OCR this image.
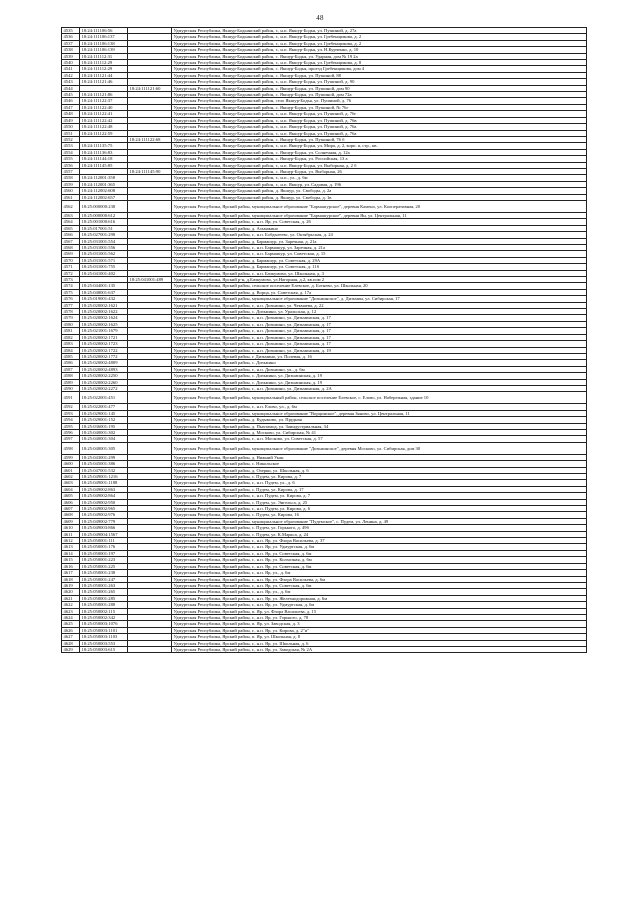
48
4535	18:24:111106:56		Удмуртская Республика, Якшур-Бодьинский район, г., н.п. Якшур-Бодья, ул. Пушиной, д. 27а
4536	18:24:111106:137		Удмуртская Республика, Якшур-Бодьинский район, г., н.п. Якшур-Бодья, ул. Гребенщикова, д. 2
4537	18:24:111106:138		Удмуртская Республика, Якшур-Бодьинский район, г., н.п. Якшур-Бодья, ул. Гребенщикова, д. 2
4538	18:24:111106:139		Удмуртская Республика, Якшур-Бодьинский район, г., н.п. Якшур-Бодья, ул. Н.Курченко, д. 10
4539	18:24:111112:31		Удмуртская Республика, Якшур-Бодьинский район, с. Якшур-Бодья, ул. Ударная, дом № 19 2а
4540	18:24:111112:29		Удмуртская Республика, Якшур-Бодьинский район, г., н.п. Якшур-Бодья, ул. Гребенщикова, д. 8
4541	18:24:111112:29		Удмуртская Республика, Якшур-Бодьинский район, с. Якшур-Бодья, проезд Гребенщикова, дом 4
4542	18:24:111121:44		Удмуртская Республика, Якшур-Бодьинский район, с. Якшур-Бодья, ул. Пушиной, 88
4543	18:24:111121:46		Удмуртская Республика, Якшур-Бодьинский район, г., н.п. Якшур-Бодья, ул. Пушиной, д. 90
4544		18:24:111121:60	Удмуртская Республика, Якшур-Бодьинский район, с. Якшур-Бодья, ул. Пушиной, дом 90
4545	18:24:111121:86		Удмуртская Республика, Якшур-Бодьинский район, с. Якшур-Бодья, ул. Пушиной, дом 72а
4546	18:24:111122:37		Удмуртская Республика, Якшур-Бодьинский район, село Якшур-Бодья, ул. Пушиной, д. 76
4547	18:24:111122:40		Удмуртская Республика, Якшур-Бодьинский район, с. Якшур-Бодья, ул. Пушиной, № 76г
4548	18:24:111122:41		Удмуртская Республика, Якшур-Бодьинский район, г., н.п. Якшур-Бодья, ул. Пушиной, д. 76г
4549	18:24:111122:42		Удмуртская Республика, Якшур-Бодьинский район, г., н.п. Якшур-Бодья, ул. Пушиной, д. 76в
4550	18:24:111122:48		Удмуртская Республика, Якшур-Бодьинский район, г., н.п. Якшур-Бодья, ул. Пушиной, д. 76а
4551	18:24:111122:59		Удмуртская Республика, Якшур-Бодьинский район, г., н.п. Якшур-Бодья, ул. Пушиной, д. 76а
4552		18:24:111122:68	Удмуртская Республика, Якшур-Бодьинский район, с. Якшур-Бодья, ул. Пушиной, 76 б
4553	18:24:111135:75		Удмуртская Республика, Якшур-Бодьинский район, г., н.п. Якшур-Бодья, ул. Мира, д. 2, корп. я, стр., кв.
4554	18:24:111136:83		Удмуртская Республика, Якшур-Бодьинский район, с. Якшур-Бодья, ул. Солнечная, д. 12а
4555	18:24:111144:18		Удмуртская Республика, Якшур-Бодьинский район, с. Якшур-Бодья, ул. Российская, 13 а
4556	18:24:111145:85		Удмуртская Республика, Якшур-Бодьинский район, г., н.п. Якшур-Бодья, ул. Выборная, д. 2 б
4557		18:24:111145:90	Удмуртская Республика, Якшур-Бодьинский район, с. Якшур-Бодья, ул. Выборная, 26
4558	18:24:112001:358		Удмуртская Республика, Якшур-Бодьинский район, г., н.п., ул., д. 6м
4559	18:24:112001:365		Удмуртская Республика, Якшур-Бодьинский район, г., н.п. Якшур, ул. Садовая, д. 196
4560	18:24:112002:608		Удмуртская Республика, Якшур-Бодьинский район, д. Якшур, ул. Свободы, д. 2а
4561	18:24:112002:657		Удмуртская Республика, Якшур-Бодьинский район, д. Якшур, ул. Свободы, д. 1в
4562	18:25:000000:238		Удмуртская Республика, Ярский район, муниципальное образование "Бармашурское", деревня Камено, ул. Кооперативная, 20
4563	18:25:000000:612		Удмуртская Республика, Ярский район, муниципальное образование "Бармашурское", деревня Ян, ул. Центральная, 11
4564	18:25:001000:616		Удмуртская Республика, Ярский район, г., н.п. Яр, ул. Советская, д. 26
4565	18:25:017001:51		Удмуртская Республика, Ярский район, д. Азьмакино
4566	18:25:027001:298		Удмуртская Республика, Ярский район, г., н.п. Бобдыгеевс, ул. Октябрьская, д. 24
4567	18:25:031001:554		Удмуртская Республика, Ярский район, д. Бармашур, ул. Заречная, д. 21а
4568	18:25:031001:556		Удмуртская Республика, Ярский район, г., н.п. Бармашур, ул. Заречная, д. 21а
4569	18:25:031001:562		Удмуртская Республика, Ярский район, г., н.п. Бармашур, ул. Советская, д. 15
4570	18:25:031001:571		Удмуртская Республика, Ярский район, д. Бармашур, ул. Советская, д. 29А
4571	18:25:031001:755		Удмуртская Республика, Ярский район, д. Бармашур, ул. Советская, д. 11б
4572	18:25:041001:402		Удмуртская Республика, Ярский район, г., н.п. Бачкумово, ул. Школьная, д. 3
4573		18:25:041001:489	Удмуртская Республика, Ярский р-н, д.Бачкумово, ул.Нагорная, д.2, кв.пом 2
4574	18:25:044001:135		Удмуртская Республика, Ярский район, сельское поселение Елевское, д. Ботнево, ул. Школьная, 20
4575	18:25:048001:637		Удмуртская Республика, Ярский район, д. Ворца, ул. Советская, д. 17а
4576	18:25:019001:432		Удмуртская Республика, Ярский район, муниципальное образование "Дизьминское", д. Дизьмин, ул. Сибирская, 17
4577	18:25:020002:1621		Удмуртская Республика, Ярский район, г., н.п. Дизьмино, ул. Чекмаева, д. 22
4578	18:25:020002:1622		Удмуртская Республика, Ярский район, с. Дизьмино, ул. Уральская, д. 12
4579	18:25:020002:1624		Удмуртская Республика, Ярский район, г., н.п. Дизьмино, ул. Дизьминская, д. 17
4580	18:25:020002:1625		Удмуртская Республика, Ярский район, г., н.п. Дизьмино, ул. Дизьминская, д. 17
4581	18:25:021001:1679		Удмуртская Республика, Ярский район, г., н.п. Дизьмино, ул. Дизьминская, д. 17
4582	18:25:020002:1721		Удмуртская Республика, Ярский район, г., н.п. Дизьмино, ул. Дизьминская, д. 17
4583	18:25:020002:1723		Удмуртская Республика, Ярский район, г., н.п. Дизьмино, ул. Дизьминская, д. 17
4584	18:25:020002:1722		Удмуртская Республика, Ярский район, г., н.п. Дизьмино, ул. Дизьминская, д. 19
4585	18:25:020002:1772		Удмуртская Республика, Ярский район, г. Дизьмино, ул. Полевая, д. 16
4586	18:25:020002:4809		Удмуртская Республика, Ярский район, с. Дизьмино
4587	18:25:020002:4893		Удмуртская Республика, Ярский район, г., н.п. Дизьмино, ул., д. 6м
4588	18:25:020002:2250		Удмуртская Республика, Ярский район, с. Дизьмино, ул. Дизьминская, д. 19
4589	18:25:020002:2260		Удмуртская Республика, Ярский район, с. Дизьмино, ул. Дизьминская, д. 19
4590	18:25:020002:2272		Удмуртская Республика, Ярский район, г., н.п. Дизьмино, ул. Дизьминская, д. 2А
4591	18:25:022001:451		Удмуртская Республика, Ярский район, муниципальный район, сельское поселение Елевское, с. Елово, ул. Набережная, здание 10
4592	18:25:022001:477		Удмуртская Республика, Ярский район, г., н.п. Елово, ул., д. 6м
4593	18:25:029001:145		Удмуртская Республика, Ярский район, муниципальное образование "Ворцинское", деревня Зяново, ул. Центральная, 11
4594	18:25:029001:152		Удмуртская Республика, Ярский район, д. Кудымово, ул. Прудная
4595	18:25:036001:195		Удмуртская Республика, Ярский район, д. Пыхтамод, ул. Заиндустриальная, 34
4596	18:25:040001:302		Удмуртская Республика, Ярский район, д. Москово, ул. Сибирская, № 41
4597	18:25:040001:304		Удмуртская Республика, Ярский район, г., н.п. Москово, ул. Советская, д. 57
4598	18:25:040001:305		Удмуртская Республика, Ярский район, муниципальное образование "Дизьминское", деревня Москово, ул. Сибирская, дом 30
4599	18:25:043001:299		Удмуртская Республика, Ярский район, д. Нижний Укан
4600	18:25:045001:386		Удмуртская Республика, Ярский район, с. Никольское
4601	18:25:047001:532		Удмуртская Республика, Ярский район, д. Озерки, ул. Школьная, д. 6
4602	18:25:049001:1216		Удмуртская Республика, Ярский район, с. Пудем, ул. Кирова, д. 7
4603	18:25:049001:1188		Удмуртская Республика, Ярский район, г., н.п. Пудем, ул., д. 6
4604	18:25:049002:863		Удмуртская Республика, Ярский район, с. Пудем, ул. Кирова, д. 17
4605	18:25:049002:864		Удмуртская Республика, Ярский район, г., н.п. Пудем, ул. Кирова, д. 7
4606	18:25:049002:950		Удмуртская Республика, Ярский район, с. Пудем, ул. Энгельса, д. 25
4607	18:25:049002:965		Удмуртская Республика, Ярский район, г., н.п. Пудем, ул. Кирова, д. 6
4608	18:25:049002:976		Удмуртская Республика, Ярский район, с. Пудем, ул. Кирова, 16
4609	18:25:049002:779		Удмуртская Республика, Ярский район, муниципальное образование "Пудемское", с. Пудем, ул. Ленина, д. 49
4610	18:25:049003:866		Удмуртская Республика, Ярский район, с. Пудем, ул. Горького, д. 49б
4611	18:25:049004:1567		Удмуртская Республика, Ярский район, с. Пудем, ул. К.Маркса, д. 24
4612	18:25:050001:111		Удмуртская Республика, Ярский район, г., н.п. Яр, ул. Флора Васильева, д. 37
4613	18:25:050001:176		Удмуртская Республика, Ярский район, г., н.п. Яр, ул. Удмуртская, д. 6м
4614	18:25:050001:197		Удмуртская Республика, Ярский район, г., н.п. Яр, ул. Советская, д. 6м
4615	18:25:050001:223		Удмуртская Республика, Ярский район, г., н.п. Яр, ул. Колхозная, д. 6м
4616	18:25:050001:225		Удмуртская Республика, Ярский район, г., н.п. Яр, ул. Советская, д. 6м
4617	18:25:050001:238		Удмуртская Республика, Ярский район, г., н.п. Яр, ул., д. 6м
4618	18:25:050001:247		Удмуртская Республика, Ярский район, г., н.п. Яр, ул. Флора Васильева, д. 6м
4619	18:25:050001:263		Удмуртская Республика, Ярский район, г., н.п. Яр, ул. Советская, д. 6м
4620	18:25:050001:265		Удмуртская Республика, Ярский район, г., н.п. Яр, ул., д. 6м
4621	18:25:050001:285		Удмуртская Республика, Ярский район, г., н.п. Яр, ул. Железнодорожная, д. 6м
4622	18:25:050001:288		Удмуртская Республика, Ярский район, г., н.п. Яр, ул. Удмуртская, д. 6м
4623	18:25:050002:115		Удмуртская Республика, Ярский район, п. Яр, ул. Флора Васильева, д. 15
4624	18:25:050002:342		Удмуртская Республика, Ярский район, г., н.п. Яр, ул. Горького, д. 78
4625	18:25:050003:1076		Удмуртская Республика, Ярский район, п. Яр, ул. Заводская, д. 3
4626	18:25:050003:1101		Удмуртская Республика, Ярский район, г., н.п. Яр, ул. Кирова, д. 2"и"
4627	18:25:050003:1103		Удмуртская Республика, Ярский район, п. Яр, ул. Школьная, д. 8
4628	18:25:050003:553		Удмуртская Республика, Ярский район, г., н.п. Яр, ул. Школьная, д. 6
4629	18:25:050003:615		Удмуртская Республика, Ярский район, г., н.п. Яр, ул. Заводская, № 2А
